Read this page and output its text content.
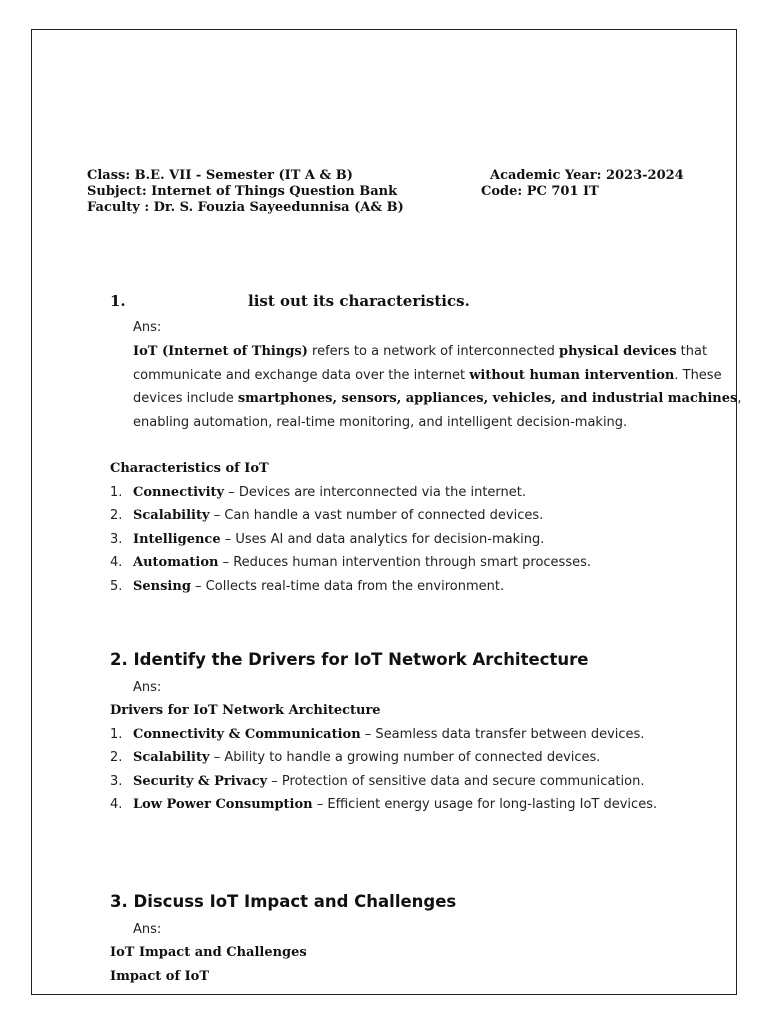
Class: B.E. VII - Semester (IT A & B)	Academic Year: 2023-2024
Subject: Internet of Things Question Bank	Code: PC 701 IT
Faculty : Dr. S. Fouzia Sayeedunnisa (A& B)
1.	list out its characteristics.
Ans:
IoT (Internet of Things) refers to a network of interconnected physical devices that communicate and exchange data over the internet without human intervention. These devices include smartphones, sensors, appliances, vehicles, and industrial machines, enabling automation, real-time monitoring, and intelligent decision-making.
Characteristics of IoT
1. Connectivity – Devices are interconnected via the internet.
2. Scalability – Can handle a vast number of connected devices.
3. Intelligence – Uses AI and data analytics for decision-making.
4. Automation – Reduces human intervention through smart processes.
5. Sensing – Collects real-time data from the environment.
2. Identify the Drivers for IoT Network Architecture
Ans:
Drivers for IoT Network Architecture
1. Connectivity & Communication – Seamless data transfer between devices.
2. Scalability – Ability to handle a growing number of connected devices.
3. Security & Privacy – Protection of sensitive data and secure communication.
4. Low Power Consumption – Efficient energy usage for long-lasting IoT devices.
3. Discuss IoT Impact and Challenges
Ans:
IoT Impact and Challenges
Impact of IoT
